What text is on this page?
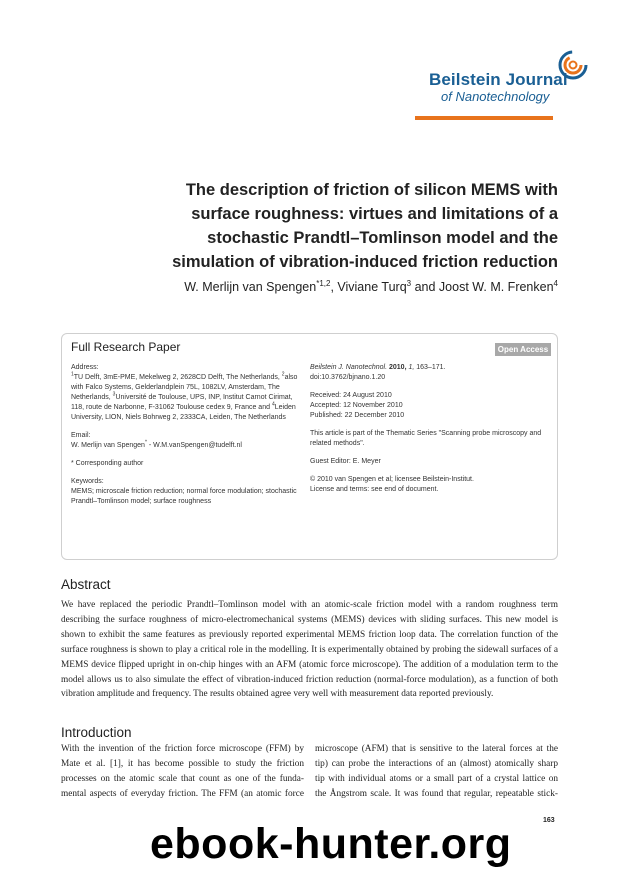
Beilstein Journal
of Nanotechnology
The description of friction of silicon MEMS with
surface roughness: virtues and limitations of a
stochastic Prandtl–Tomlinson model and the
simulation of vibration-induced friction reduction
W. Merlijn van Spengen$^{*1,2}$, Viviane Turq$^3$ and Joost W. M. Frenken$^4$
Full Research Paper	Open Access

Address:

$^1$TU Delft, 3mE-PME, Mekelweg 2, 2628CD Delft, The Netherlands, $^2$also with Falco Systems, Gelderlandplein 75L, 1082LV, Amsterdam, The Netherlands, $^3$Université de Toulouse, UPS, INP, Institut Carnot Cirimat, 118, route de Narbonne, F-31062 Toulouse cedex 9, France and $^4$Leiden University, LION, Niels Bohrweg 2, 2333CA, Leiden, The Netherlands

Email:

W. Merlijn van Spengen* - W.M.vanSpengen@tudelft.nl

* Corresponding author

Keywords:

MEMS; microscale friction reduction; normal force modulation; stochastic Prandtl–Tomlinson model; surface roughness

Beilstein J. Nanotechnol. 2010, 1, 163–171.

doi:10.3762/bjnano.1.20

Received: 24 August 2010

Accepted: 12 November 2010

Published: 22 December 2010

This article is part of the Thematic Series "Scanning probe microscopy and related methods".

Guest Editor: E. Meyer

© 2010 van Spengen et al; licensee Beilstein-Institut.

License and terms: see end of document.

Abstract
We have replaced the periodic Prandtl–Tomlinson model with an atomic-scale friction model with a random roughness term describing the surface roughness of micro-electromechanical systems (MEMS) devices with sliding surfaces. This new model is shown to exhibit the same features as previously reported experimental MEMS friction loop data. The correlation function of the surface roughness is shown to play a critical role in the modelling. It is experimentally obtained by probing the sidewall surfaces of a MEMS device flipped upright in on-chip hinges with an AFM (atomic force microscope). The addition of a modulation term to the model allows us to also simulate the effect of vibration-induced friction reduction (normal-force modulation), as a function of both vibration amplitude and frequency. The results obtained agree very well with measurement data reported previously.
Introduction
With the invention of the friction force microscope (FFM) by
Mate et al. [1], it has become possible to study the friction
processes on the atomic scale that count as one of the funda-
mental aspects of everyday friction. The FFM (an atomic force
microscope (AFM) that is sensitive to the lateral forces at the
tip) can probe the interactions of an (almost) atomically sharp
tip with individual atoms or a small part of a crystal lattice on
the Ångstrom scale. It was found that regular, repeatable stick-
163
ebook-hunter.org
